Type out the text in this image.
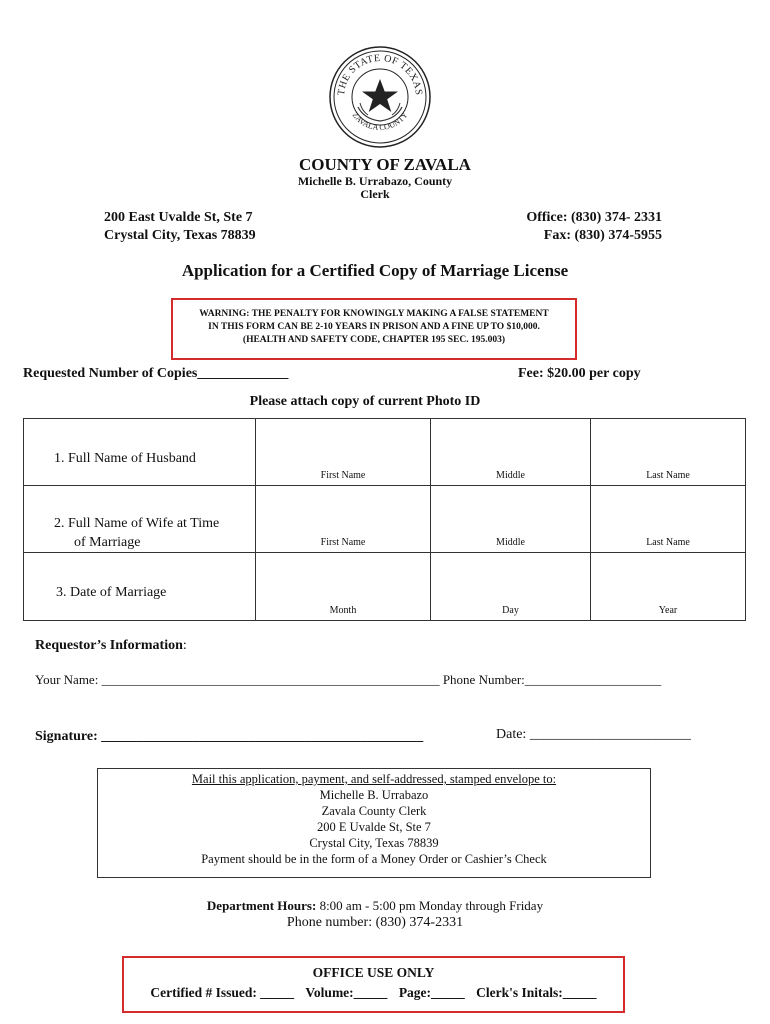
THE STATE OF TEXAS
ZAVALA COUNTY
COUNTY OF ZAVALA
Michelle B. Urrabazo, County
Clerk
200 East Uvalde St, Ste 7
Crystal City, Texas 78839
Office: (830) 374- 2331
Fax: (830) 374-5955
Application for a Certified Copy of Marriage License
WARNING: THE PENALTY FOR KNOWINGLY MAKING A FALSE STATEMENT
IN THIS FORM CAN BE 2-10 YEARS IN PRISON AND A FINE UP TO $10,000.
(HEALTH AND SAFETY CODE, CHAPTER 195 SEC. 195.003)
Requested Number of Copies_____________	Fee: $20.00 per copy
Please attach copy of current Photo ID
1. Full Name of Husband	First Name	Middle	Last Name

2. Full Name of Wife at Time
of Marriage	First Name	Middle	Last Name

3. Date of Marriage	Month	Day	Year
Requestor’s Information:
Your Name: ____________________________________________________ Phone Number:_____________________
Signature: ______________________________________________	Date: _______________________
Mail this application, payment, and self-addressed, stamped envelope to:
Michelle B. Urrabazo
Zavala County Clerk
200 E Uvalde St, Ste 7
Crystal City, Texas 78839
Payment should be in the form of a Money Order or Cashier’s Check
Department Hours: 8:00 am - 5:00 pm Monday through Friday
Phone number: (830) 374-2331
OFFICE USE ONLY
Certified # Issued: _____ Volume:_____ Page:_____ Clerk's Initals:_____
